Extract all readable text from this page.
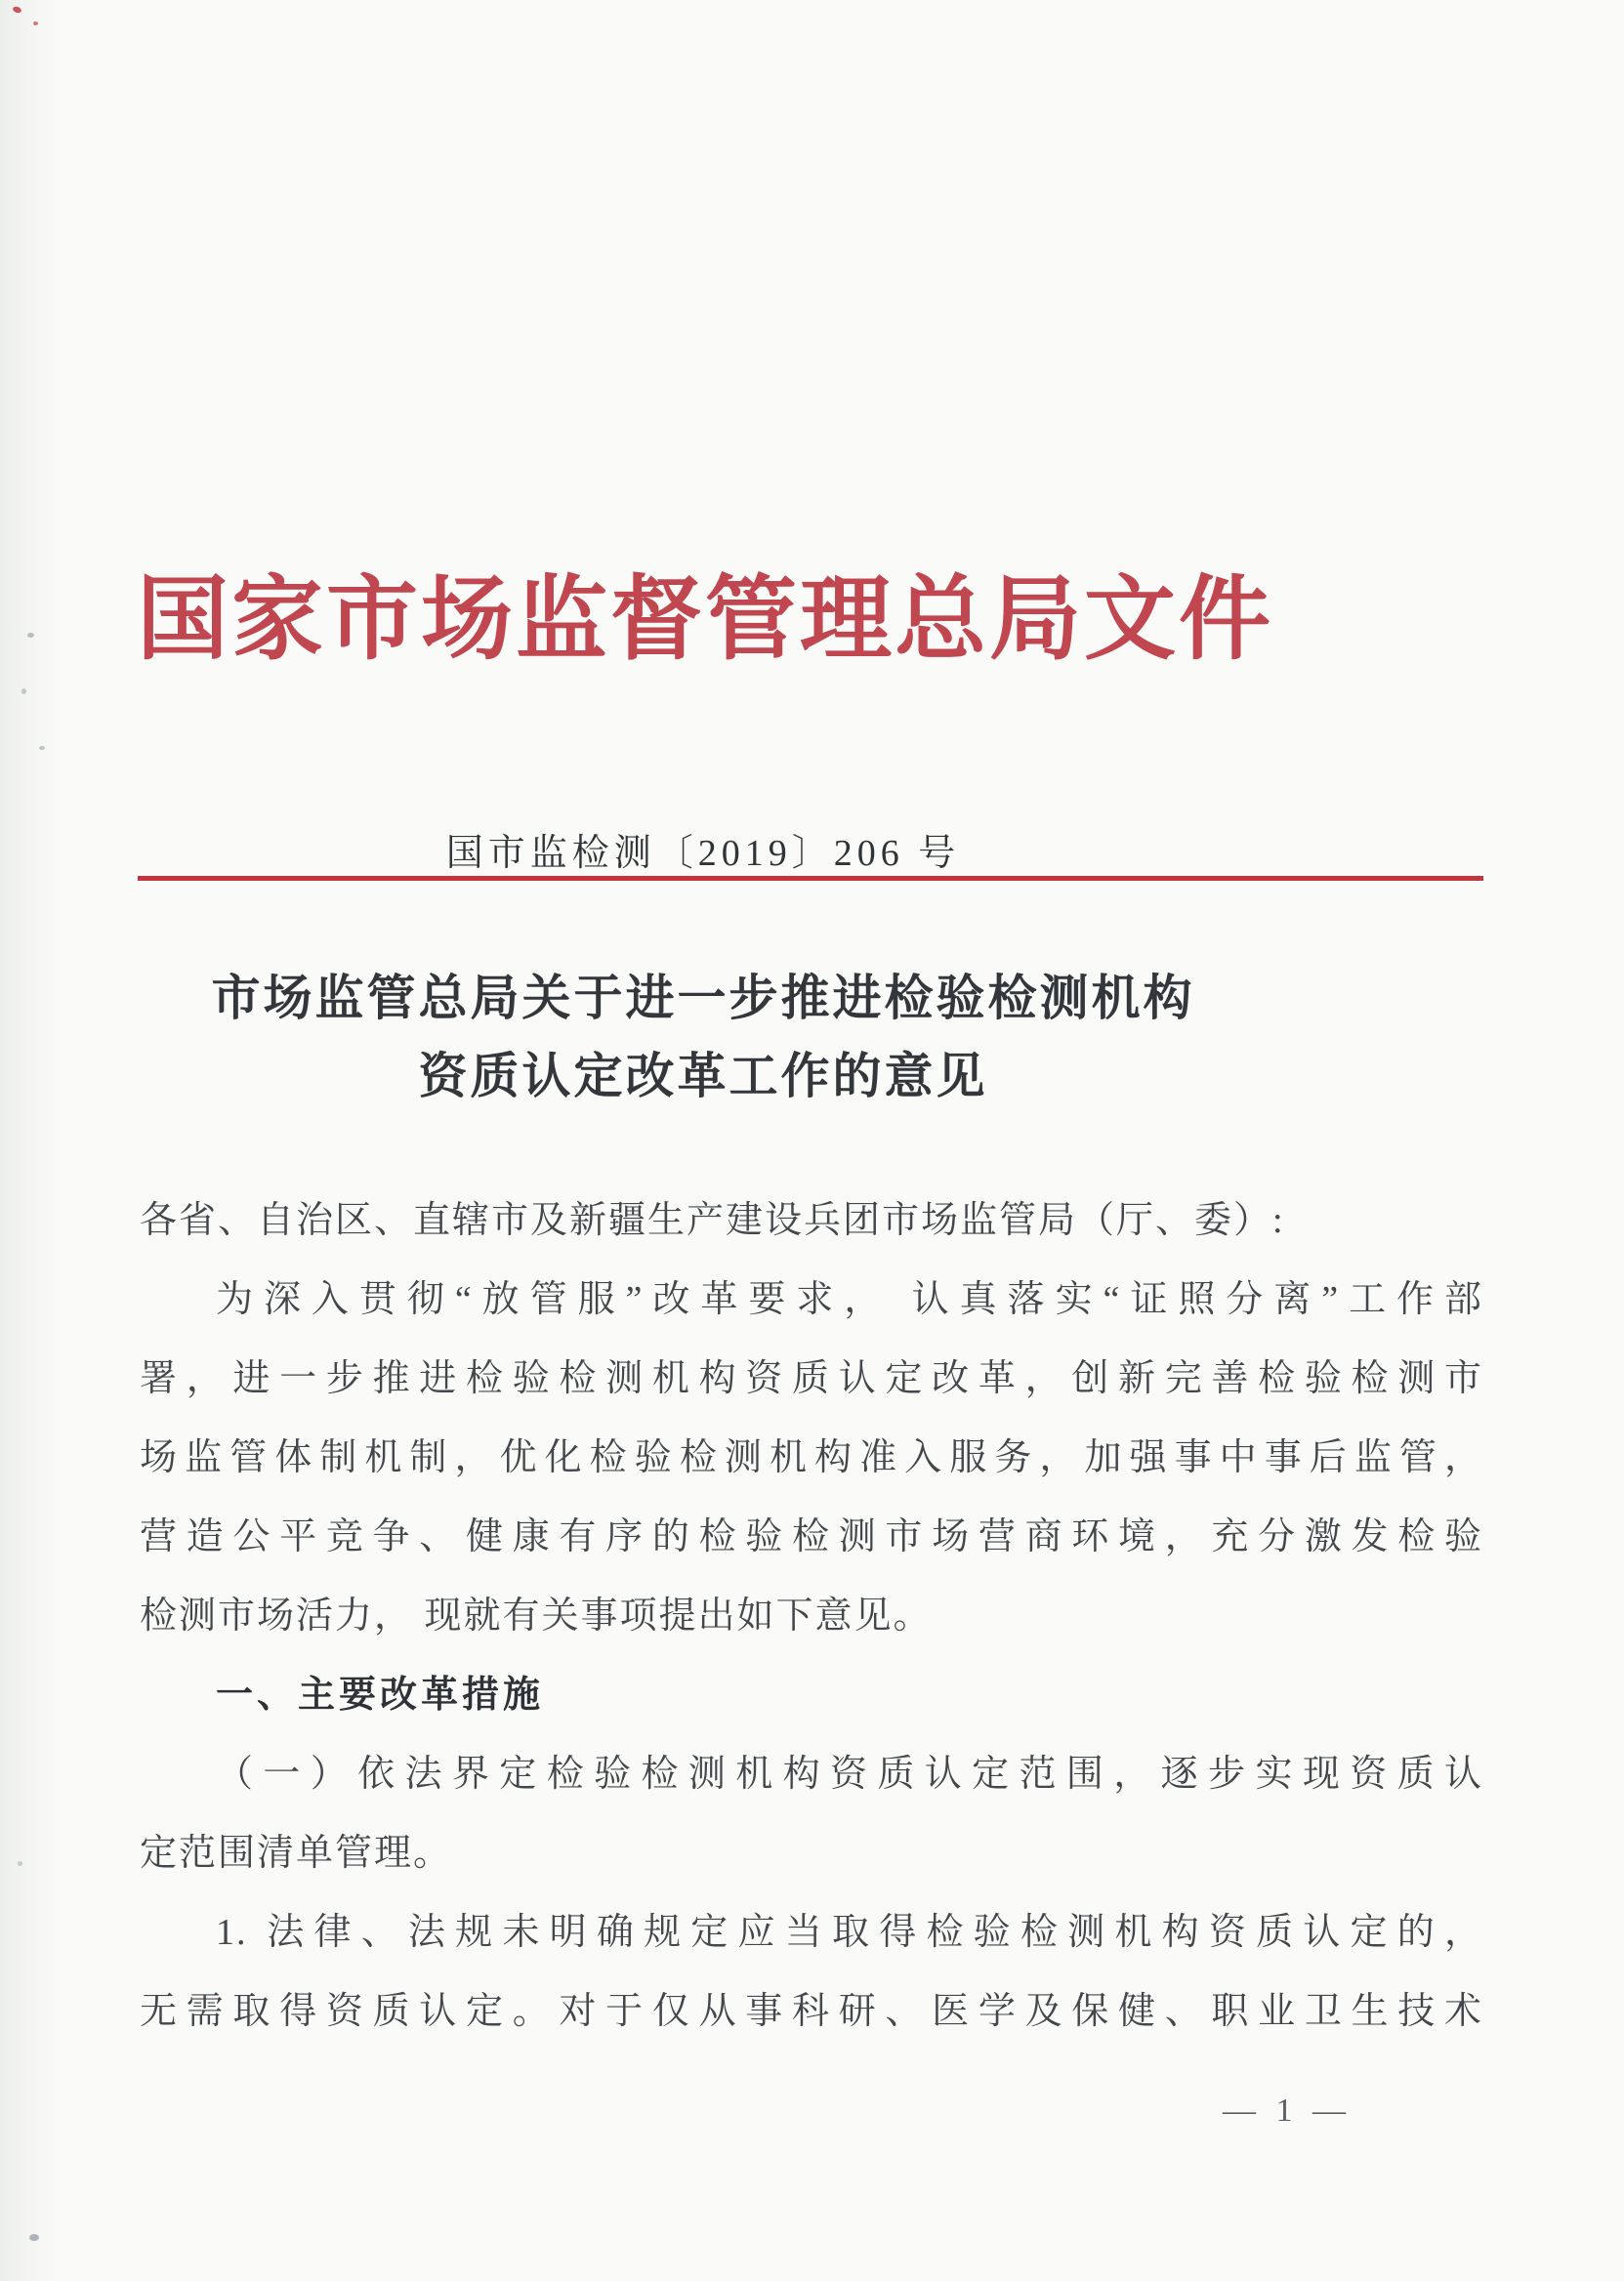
国家市场监督管理总局文件
国市监检测〔2019〕206 号
市场监管总局关于进一步推进检验检测机构
资质认定改革工作的意见

各省、自治区、直辖市及新疆生产建设兵团市场监管局（厅、委）:

为深入贯彻“放管服”改革要求， 认真落实“证照分离”工作部

署，进一步推进检验检测机构资质认定改革，创新完善检验检测市

场监管体制机制，优化检验检测机构准入服务，加强事中事后监管，

营造公平竞争、健康有序的检验检测市场营商环境，充分激发检验

检测市场活力， 现就有关事项提出如下意见。

一、主要改革措施

（一）依法界定检验检测机构资质认定范围，逐步实现资质认

定范围清单管理。

1. 法律、法规未明确规定应当取得检验检测机构资质认定的，

无需取得资质认定。对于仅从事科研、医学及保健、职业卫生技术

— 1 —
